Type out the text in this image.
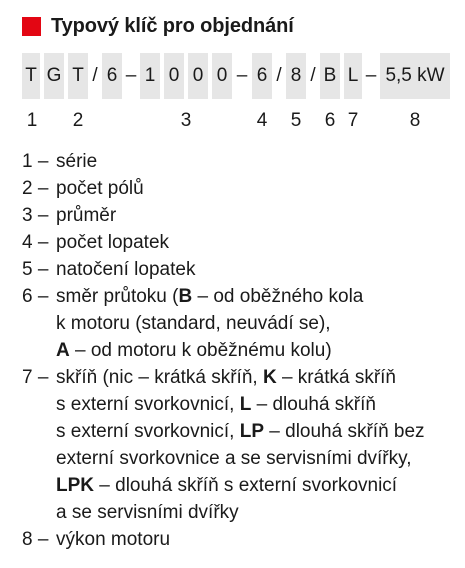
Typový klíč pro objednání
T G T / 6 – 1 0 0 0 – 6 / 8 / B L – 5,5 kW
1 2	3	4 5 6 7	8
1 – série
2 – počet pólů
3 – průměr
4 – počet lopatek
5 – natočení lopatek
6 – směr průtoku (B – od oběžného kola
k motoru (standard, neuvádí se),
A – od motoru k oběžnému kolu)
7 – skříň (nic – krátká skříň, K – krátká skříň
s externí svorkovnicí, L – dlouhá skříň
s externí svorkovnicí, LP – dlouhá skříň bez
externí svorkovnice a se servisními dvířky,
LPK – dlouhá skříň s externí svorkovnicí
a se servisními dvířky
8 – výkon motoru
